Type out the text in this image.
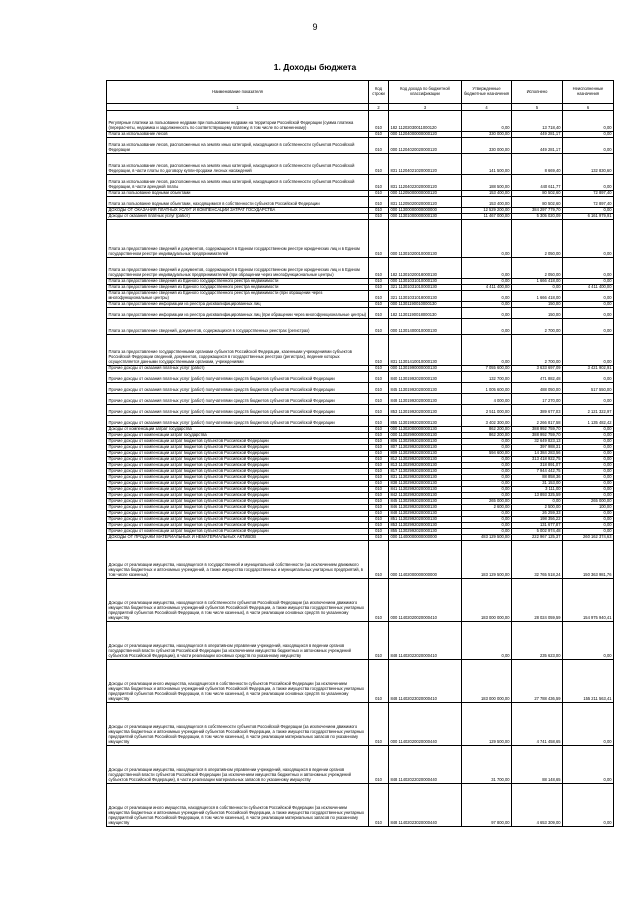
9
1. Доходы бюджета
Наименование показателя	Код строки	Код дохода по бюджетной классификации	Утвержденные бюджетные назначения	Исполнено	Неисполненные назначения
1	2	3	4	5	6
Регулярные платежи за пользование недрами при пользовании недрами на территории Российской Федерации (сумма платежа (перерасчеты, недоимка и задолженность по соответствующему платежу, в том числе по отмененному)	010	182 11202030011000120	0,00	13 718,40	0,00
Плата за использование лесов	010	000 11204000000000120	330 000,00	449 281,17	0,00
Плата за использование лесов, расположенных на землях иных категорий, находящихся в собственности субъектов Российской Федерации	010	000 11204020020000120	330 000,00	449 281,17	0,00
Плата за использование лесов, расположенных на землях иных категорий, находящихся в собственности субъектов Российской Федерации, в части платы по договору купли-продажи лесных насаждений	010	831 11204021020000120	141 500,00	8 669,40	132 830,60
Плата за использование лесов, расположенных на землях иных категорий, находящихся в собственности субъектов Российской Федерации, в части арендной платы	010	831 11204022020000120	188 500,00	440 611,77	0,00
Плата за пользование водными объектами	010	000 11205000000000120	153 400,00	80 502,60	72 897,40
Плата за пользование водными объектами, находящимися в собственности субъектов Российской Федерации	010	831 11205020020000120	153 400,00	80 502,60	72 897,40
ДОХОДЫ ОТ ОКАЗАНИЯ ПЛАТНЫХ УСЛУГ И КОМПЕНСАЦИИ ЗАТРАТ ГОСУДАРСТВА	010	000 11300000000000000	12 529 200,00	384 297 779,70	0,00
Доходы от оказания платных услуг (работ)	010	000 11301000000000130	11 467 000,00	5 305 020,09	6 161 979,91
Плата за предоставление сведений и документов, содержащихся в Едином государственном реестре юридических лиц и в Едином государственном реестре индивидуальных предпринимателей	010	000 11301020010000130	0,00	2 050,00	0,00
Плата за предоставление сведений и документов, содержащихся в Едином государственном реестре юридических лиц и в Едином государственном реестре индивидуальных предпринимателей (при обращении через многофункциональные центры)	010	182 11301020018000130	0,00	2 050,00	0,00
Плата за предоставление сведений из Единого государственного реестра недвижимости	010	000 11301031010000130	0,00	1 666 418,00	0,00
Плата за предоставление сведений из Единого государственного реестра недвижимости	010	321 11301031010000130	4 411 400,00	0,00	4 411 400,00
Плата за предоставление сведений из Единого государственного реестра недвижимости (при обращении через многофункциональные центры)	010	321 11301031018000130	0,00	1 666 418,00	0,00
Плата за предоставление информации из реестра дисквалифицированных лиц	010	000 11301190010000130	0,00	150,00	0,00
Плата за предоставление информации из реестра дисквалифицированных лиц (при обращении через многофункциональные центры)	010	182 11301190018000130	0,00	150,00	0,00
Плата за предоставление сведений, документов, содержащихся в государственных реестрах (регистрах)	010	000 11301400010000130	0,00	2 700,00	0,00
Плата за предоставление государственными органами субъектов Российской Федерации, казенными учреждениями субъектов Российской Федерации сведений, документов, содержащихся в государственных реестрах (регистрах), ведение которых осуществляется данными государственными органами, учреждениями	010	831 11301410010000130	0,00	2 700,00	0,00
Прочие доходы от оказания платных услуг (работ)	010	000 11301990000000130	7 055 600,00	3 633 697,09	3 421 902,91
Прочие доходы от оказания платных услуг (работ) получателями средств бюджетов субъектов Российской Федерации	010	840 11301992020000130	132 700,00	471 882,48	0,00
Прочие доходы от оказания платных услуг (работ) получателями средств бюджетов субъектов Российской Федерации	010	845 11301992020000130	1 005 600,00	488 050,00	517 550,00
Прочие доходы от оказания платных услуг (работ) получателями средств бюджетов субъектов Российской Федерации	010	848 11301992020000130	4 000,00	17 270,00	0,00
Прочие доходы от оказания платных услуг (работ) получателями средств бюджетов субъектов Российской Федерации	010	853 11301992020000130	2 511 000,00	389 677,03	2 121 322,97
Прочие доходы от оказания платных услуг (работ) получателями средств бюджетов субъектов Российской Федерации	010	855 11301992020000130	3 402 300,00	2 266 817,58	1 135 482,42
Доходы от компенсации затрат государства	010	000 11302000000000130	862 200,00	388 992 759,70	0,00
Прочие доходы от компенсации затрат государства	010	000 11302990000000130	862 200,00	388 992 759,70	0,00
Прочие доходы от компенсации затрат бюджетов субъектов Российской Федерации	010	806 11302992020000130	0,00	32 649 823,13	0,00
Прочие доходы от компенсации затрат бюджетов субъектов Российской Федерации	010	807 11302992020000130	0,00	397 988,31	0,00
Прочие доходы от компенсации затрат бюджетов субъектов Российской Федерации	010	809 11302992020000130	594 600,00	14 384 283,56	0,00
Прочие доходы от компенсации затрат бюджетов субъектов Российской Федерации	010	812 11302992020000130	0,00	313 418 922,75	0,00
Прочие доходы от компенсации затрат бюджетов субъектов Российской Федерации	010	813 11302992020000130	0,00	318 891,07	0,00
Прочие доходы от компенсации затрат бюджетов субъектов Российской Федерации	010	817 11302992020000130	0,00	7 944 442,75	0,00
Прочие доходы от компенсации затрат бюджетов субъектов Российской Федерации	010	831 11302992020000130	0,00	88 858,36	0,00
Прочие доходы от компенсации затрат бюджетов субъектов Российской Федерации	010	838 11302992020000130	0,00	31 153,00	0,00
Прочие доходы от компенсации затрат бюджетов субъектов Российской Федерации	010	841 11302992020000130	0,00	3 111,00	0,00
Прочие доходы от компенсации затрат бюджетов субъектов Российской Федерации	010	842 11302992020000130	0,00	13 893 325,59	0,00
Прочие доходы от компенсации затрат бюджетов субъектов Российской Федерации	010	845 11302992020000130	265 000,00	0,00	265 000,00
Прочие доходы от компенсации затрат бюджетов субъектов Российской Федерации	010	846 11302992020000130	2 600,00	2 500,00	100,00
Прочие доходы от компенсации затрат бюджетов субъектов Российской Федерации	010	848 11302992020000130	0,00	26 259,33	0,00
Прочие доходы от компенсации затрат бюджетов субъектов Российской Федерации	010	851 11302992020000130	0,00	198 356,22	0,00
Прочие доходы от компенсации затрат бюджетов субъектов Российской Федерации	010	853 11302992020000130	0,00	131 677,87	0,00
Прочие доходы от компенсации затрат бюджетов субъектов Российской Федерации	010	855 11302992020000130	0,00	5 002 974,48	0,00
ДОХОДЫ ОТ ПРОДАЖИ МАТЕРИАЛЬНЫХ И НЕМАТЕРИАЛЬНЫХ АКТИВОВ	010	000 11400000000000000	483 129 500,00	222 967 125,37	260 162 374,63
Доходы от реализации имущества, находящегося в государственной и муниципальной собственности (за исключением движимого имущества бюджетных и автономных учреждений, а также имущества государственных и муниципальных унитарных предприятий, в том числе казенных)	010	000 11402000000000000	183 129 500,00	32 765 518,24	150 363 981,76
Доходы от реализации имущества, находящегося в собственности субъектов Российской Федерации (за исключением движимого имущества бюджетных и автономных учреждений субъектов Российской Федерации, а также имущества государственных унитарных предприятий субъектов Российской Федерации, в том числе казенных), в части реализации основных средств по указанному имуществу	010	000 11402020020000410	183 000 000,00	28 024 059,59	154 975 940,41
Доходы от реализации имущества, находящегося в оперативном управлении учреждений, находящихся в ведении органов государственной власти субъектов Российской Федерации (за исключением имущества бюджетных и автономных учреждений субъектов Российской Федерации), в части реализации основных средств по указанному имуществу	010	848 11402022020000410	0,00	235 623,00	0,00
Доходы от реализации иного имущества, находящегося в собственности субъектов Российской Федерации (за исключением имущества бюджетных и автономных учреждений субъектов Российской Федерации, а также имущества государственных унитарных предприятий субъектов Российской Федерации, в том числе казенных), в части реализации основных средств по указанному имуществу	010	848 11402023020000410	183 000 000,00	27 788 436,59	155 211 563,41
Доходы от реализации имущества, находящегося в собственности субъектов Российской Федерации (за исключением движимого имущества бюджетных и автономных учреждений субъектов Российской Федерации, а также имущества государственных унитарных предприятий субъектов Российской Федерации, в том числе казенных), в части реализации материальных запасов по указанному имуществу	010	000 11402020020000440	129 500,00	4 741 458,65	0,00
Доходы от реализации имущества, находящегося в оперативном управлении учреждений, находящихся в ведении органов государственной власти субъектов Российской Федерации (за исключением имущества бюджетных и автономных учреждений субъектов Российской Федерации), в части реализации материальных запасов по указанному имуществу	010	848 11402022020000440	31 700,00	88 148,65	0,00
Доходы от реализации иного имущества, находящегося в собственности субъектов Российской Федерации (за исключением имущества бюджетных и автономных учреждений субъектов Российской Федерации, а также имущества государственных унитарных предприятий субъектов Российской Федерации, в том числе казенных), в части реализации материальных запасов по указанному имуществу	010	848 11402023020000440	97 800,00	4 653 309,00	0,00
